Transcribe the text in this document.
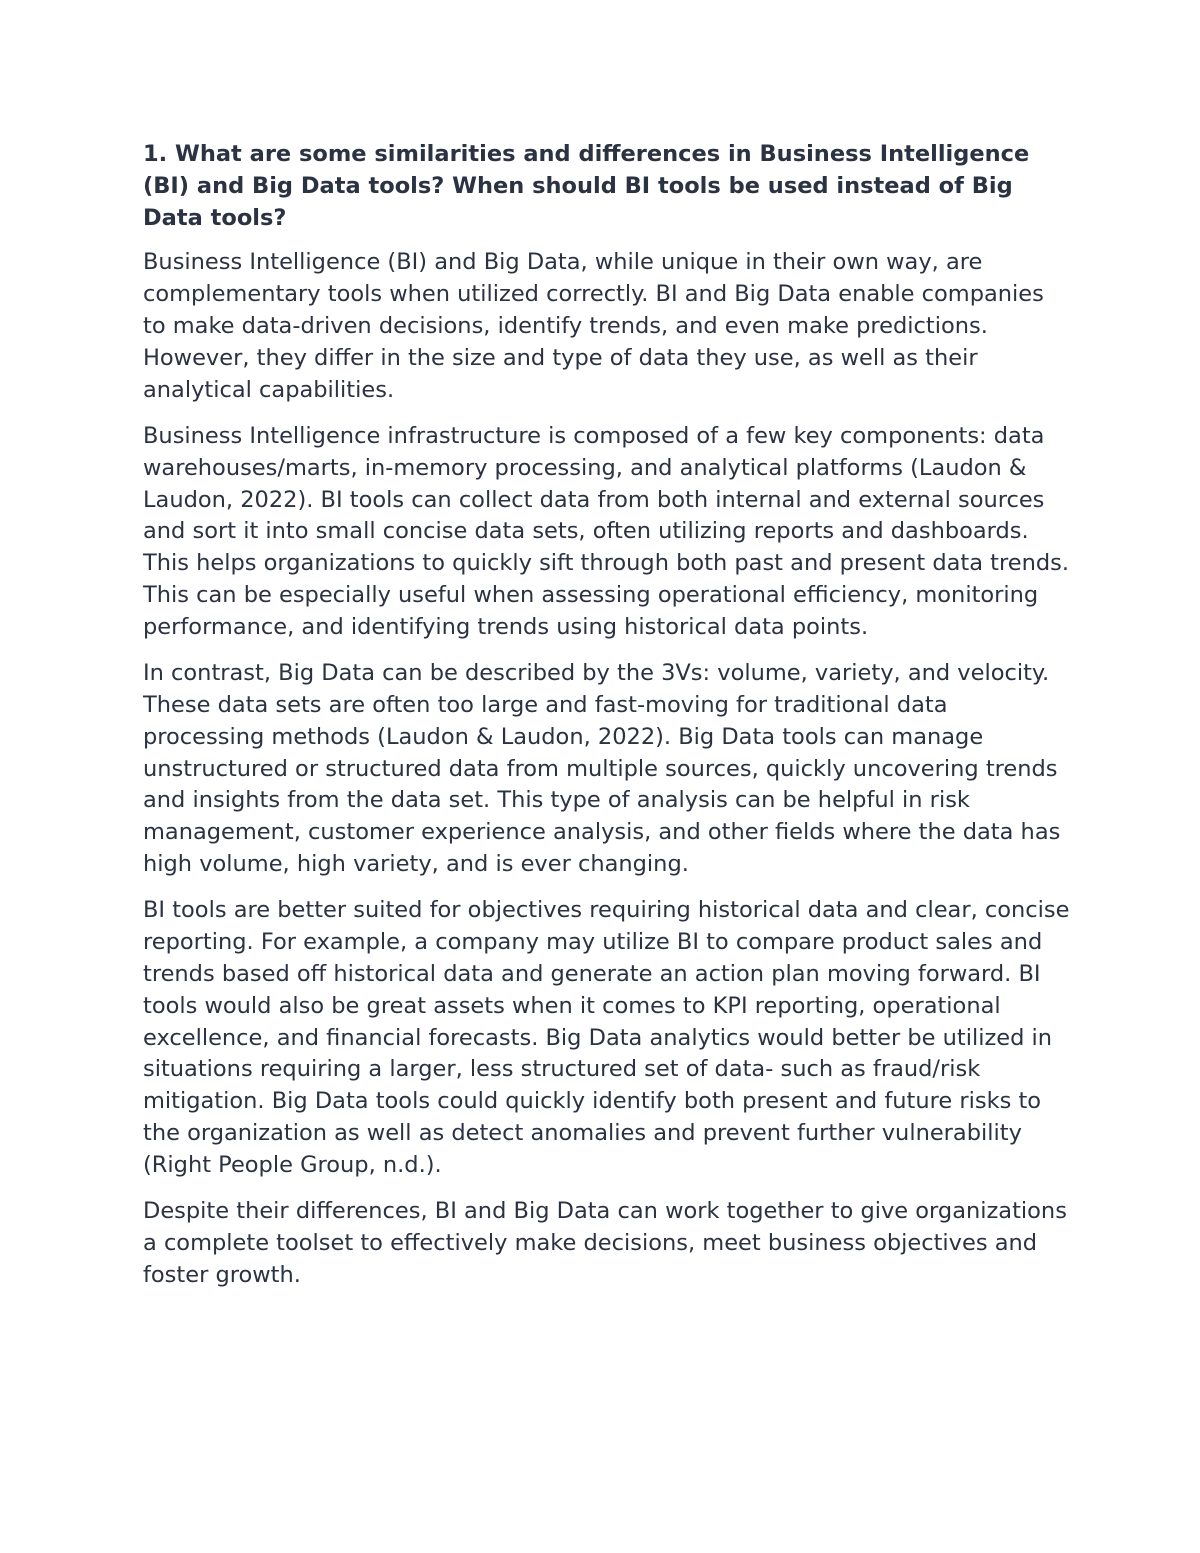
1. What are some similarities and differences in Business Intelligence (BI) and Big Data tools? When should BI tools be used instead of Big Data tools?

Business Intelligence (BI) and Big Data, while unique in their own way, are complementary tools when utilized correctly. BI and Big Data enable companies to make data-driven decisions, identify trends, and even make predictions. However, they differ in the size and type of data they use, as well as their analytical capabilities.

Business Intelligence infrastructure is composed of a few key components: data warehouses/marts, in-memory processing, and analytical platforms (Laudon & Laudon, 2022). BI tools can collect data from both internal and external sources and sort it into small concise data sets, often utilizing reports and dashboards. This helps organizations to quickly sift through both past and present data trends. This can be especially useful when assessing operational efficiency, monitoring performance, and identifying trends using historical data points.

In contrast, Big Data can be described by the 3Vs: volume, variety, and velocity. These data sets are often too large and fast-moving for traditional data processing methods (Laudon & Laudon, 2022). Big Data tools can manage unstructured or structured data from multiple sources, quickly uncovering trends and insights from the data set. This type of analysis can be helpful in risk management, customer experience analysis, and other fields where the data has high volume, high variety, and is ever changing.

BI tools are better suited for objectives requiring historical data and clear, concise reporting. For example, a company may utilize BI to compare product sales and trends based off historical data and generate an action plan moving forward. BI tools would also be great assets when it comes to KPI reporting, operational excellence, and financial forecasts. Big Data analytics would better be utilized in situations requiring a larger, less structured set of data- such as fraud/risk mitigation. Big Data tools could quickly identify both present and future risks to the organization as well as detect anomalies and prevent further vulnerability (Right People Group, n.d.).

Despite their differences, BI and Big Data can work together to give organizations a complete toolset to effectively make decisions, meet business objectives and foster growth.
